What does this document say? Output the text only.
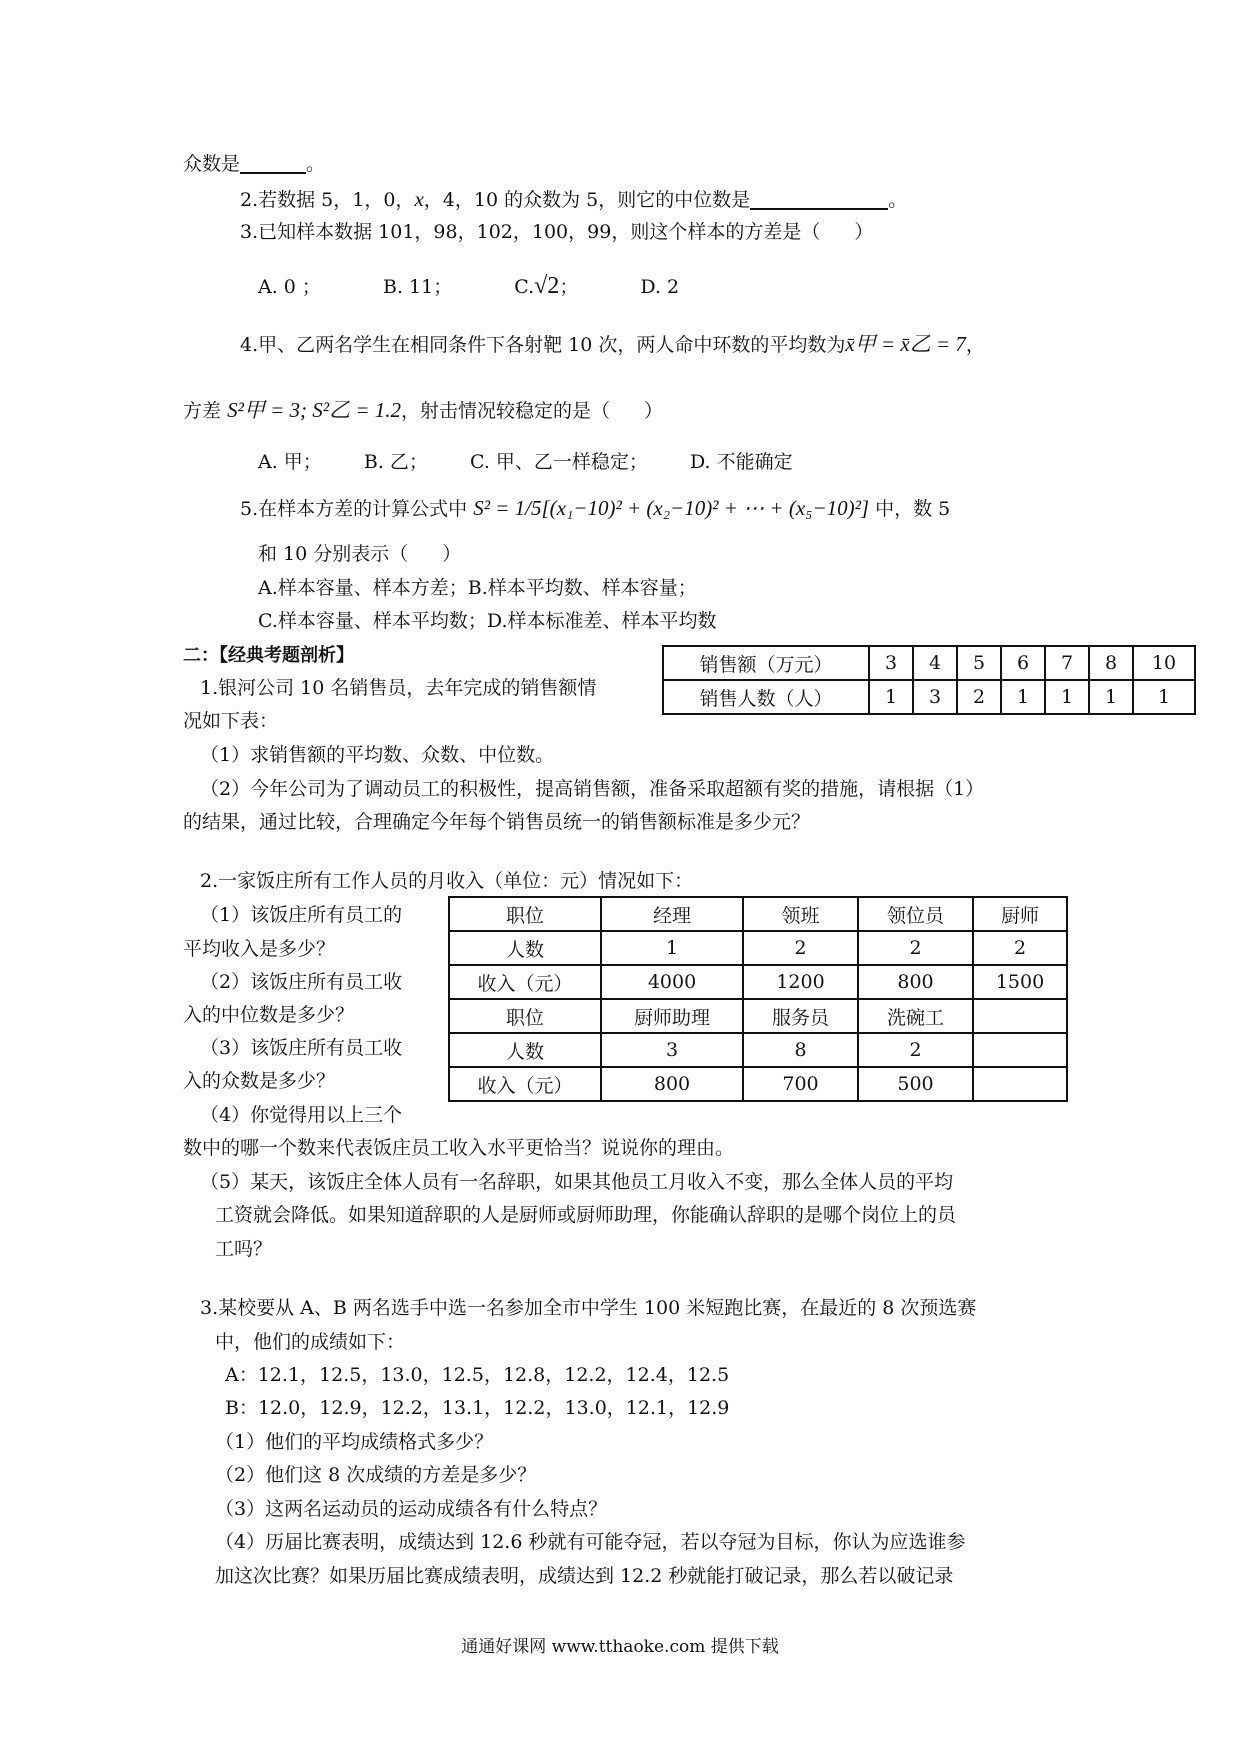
众数是	。
2.若数据 5，1，0，x，4，10 的众数为 5，则它的中位数是	。
3.已知样本数据 101，98，102，100，99，则这个样本的方差是（ ）
A. 0 ；	B. 11；	C.√2；	D. 2
4.甲、乙两名学生在相同条件下各射靶 10 次，两人命中环数的平均数为x̄甲 = x̄乙 = 7，
方差 S²甲 = 3; S²乙 = 1.2，射击情况较稳定的是（ ）
A. 甲； B. 乙； C. 甲、乙一样稳定； D. 不能确定
5.在样本方差的计算公式中 S² = 1/5[(x₁−10)² + (x₂−10)² + ⋯ + (x₅−10)²] 中，数 5
和 10 分别表示（ ）
A.样本容量、样本方差；B.样本平均数、样本容量；
C.样本容量、样本平均数；D.样本标准差、样本平均数
二：【经典考题剖析】	销售额（万元）	3	4	5	6	7	8	10
销售人数（人）	1	3	2	1	1	1	1
1.银河公司 10 名销售员，去年完成的销售额情
况如下表：
（1）求销售额的平均数、众数、中位数。
（2）今年公司为了调动员工的积极性，提高销售额，准备采取超额有奖的措施，请根据（1）
的结果，通过比较，合理确定今年每个销售员统一的销售额标准是多少元？
2.一家饭庄所有工作人员的月收入（单位：元）情况如下：
（1）该饭庄所有员工的
平均收入是多少？
（2）该饭庄所有员工收
入的中位数是多少？
（3）该饭庄所有员工收
入的众数是多少？
（4）你觉得用以上三个
职位	经理	领班	领位员	厨师
人数	1	2	2	2
收入（元）	4000	1200	800	1500
职位	厨师助理	服务员	洗碗工	
人数	3	8	2	
收入（元）	800	700	500	
数中的哪一个数来代表饭庄员工收入水平更恰当？说说你的理由。
（5）某天，该饭庄全体人员有一名辞职，如果其他员工月收入不变，那么全体人员的平均
工资就会降低。如果知道辞职的人是厨师或厨师助理，你能确认辞职的是哪个岗位上的员
工吗？
3.某校要从 A、B 两名选手中选一名参加全市中学生 100 米短跑比赛，在最近的 8 次预选赛
中，他们的成绩如下：
A：12.1，12.5，13.0，12.5，12.8，12.2，12.4，12.5
B：12.0，12.9，12.2，13.1，12.2，13.0，12.1，12.9
（1）他们的平均成绩格式多少？
（2）他们这 8 次成绩的方差是多少？
（3）这两名运动员的运动成绩各有什么特点？
（4）历届比赛表明，成绩达到 12.6 秒就有可能夺冠，若以夺冠为目标，你认为应选谁参
加这次比赛？如果历届比赛成绩表明，成绩达到 12.2 秒就能打破记录，那么若以破记录
通通好课网 www.tthaoke.com 提供下载
